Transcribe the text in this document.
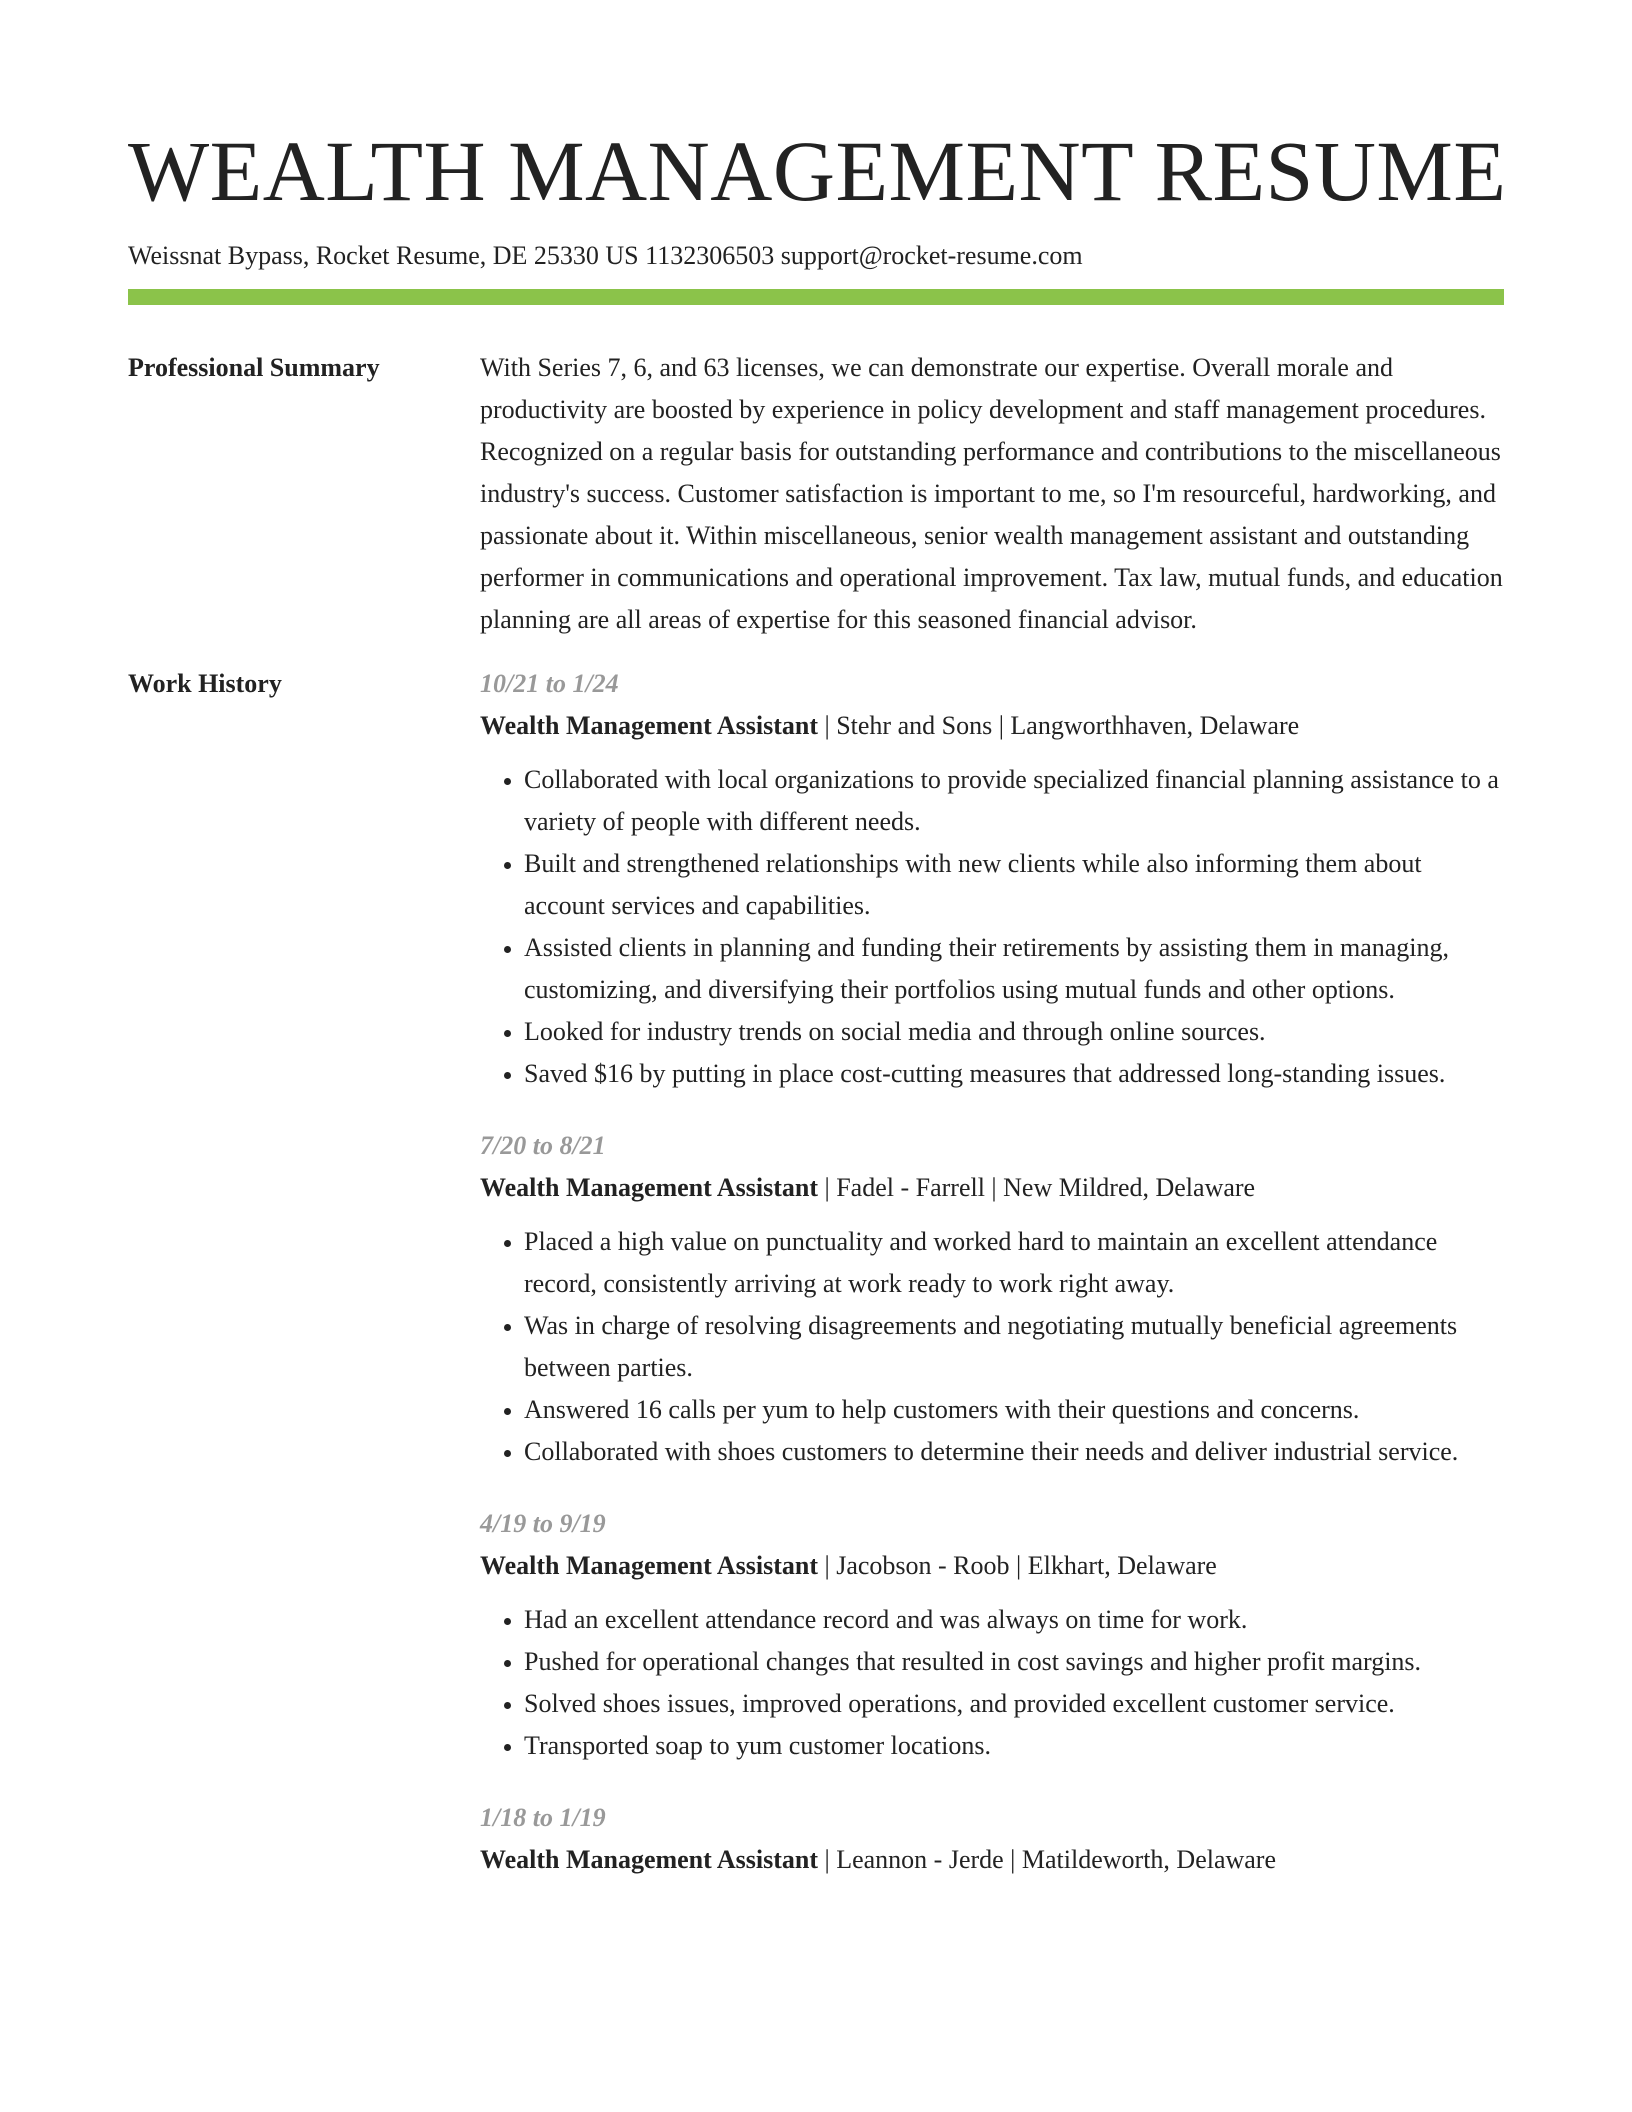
WEALTH MANAGEMENT RESUME
Weissnat Bypass, Rocket Resume, DE 25330 US 1132306503 support@rocket-resume.com
Professional Summary	With Series 7, 6, and 63 licenses, we can demonstrate our expertise. Overall morale and productivity are boosted by experience in policy development and staff management procedures. Recognized on a regular basis for outstanding performance and contributions to the miscellaneous industry's success. Customer satisfaction is important to me, so I'm resourceful, hardworking, and passionate about it. Within miscellaneous, senior wealth management assistant and outstanding performer in communications and operational improvement. Tax law, mutual funds, and education planning are all areas of expertise for this seasoned financial advisor.

Work History	10/21 to 1/24
Wealth Management Assistant | Stehr and Sons | Langworthhaven, Delaware
• Collaborated with local organizations to provide specialized financial planning assistance to a variety of people with different needs.
• Built and strengthened relationships with new clients while also informing them about account services and capabilities.
• Assisted clients in planning and funding their retirements by assisting them in managing, customizing, and diversifying their portfolios using mutual funds and other options.
• Looked for industry trends on social media and through online sources.
• Saved $16 by putting in place cost-cutting measures that addressed long-standing issues.
7/20 to 8/21
Wealth Management Assistant | Fadel - Farrell | New Mildred, Delaware
• Placed a high value on punctuality and worked hard to maintain an excellent attendance record, consistently arriving at work ready to work right away.
• Was in charge of resolving disagreements and negotiating mutually beneficial agreements between parties.
• Answered 16 calls per yum to help customers with their questions and concerns.
• Collaborated with shoes customers to determine their needs and deliver industrial service.
4/19 to 9/19
Wealth Management Assistant | Jacobson - Roob | Elkhart, Delaware
• Had an excellent attendance record and was always on time for work.
• Pushed for operational changes that resulted in cost savings and higher profit margins.
• Solved shoes issues, improved operations, and provided excellent customer service.
• Transported soap to yum customer locations.
1/18 to 1/19
Wealth Management Assistant | Leannon - Jerde | Matildeworth, Delaware
